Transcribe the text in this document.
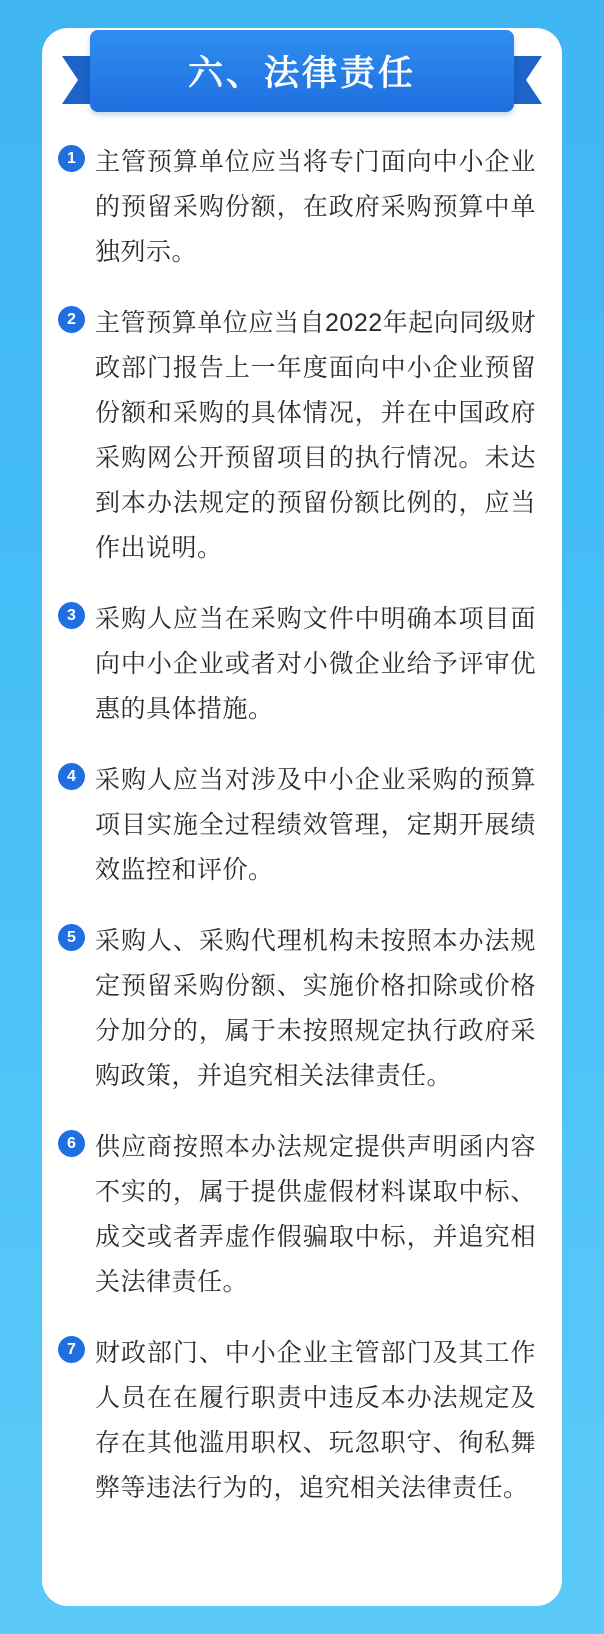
六、法律责任
1 主管预算单位应当将专门面向中小企业的预留采购份额，在政府采购预算中单独列示。
2 主管预算单位应当自2022年起向同级财政部门报告上一年度面向中小企业预留份额和采购的具体情况，并在中国政府采购网公开预留项目的执行情况。未达到本办法规定的预留份额比例的，应当作出说明。
3 采购人应当在采购文件中明确本项目面向中小企业或者对小微企业给予评审优惠的具体措施。
4 采购人应当对涉及中小企业采购的预算项目实施全过程绩效管理，定期开展绩效监控和评价。
5 采购人、采购代理机构未按照本办法规定预留采购份额、实施价格扣除或价格分加分的，属于未按照规定执行政府采购政策，并追究相关法律责任。
6 供应商按照本办法规定提供声明函内容不实的，属于提供虚假材料谋取中标、成交或者弄虚作假骗取中标，并追究相关法律责任。
7 财政部门、中小企业主管部门及其工作人员在在履行职责中违反本办法规定及存在其他滥用职权、玩忽职守、徇私舞弊等违法行为的，追究相关法律责任。
